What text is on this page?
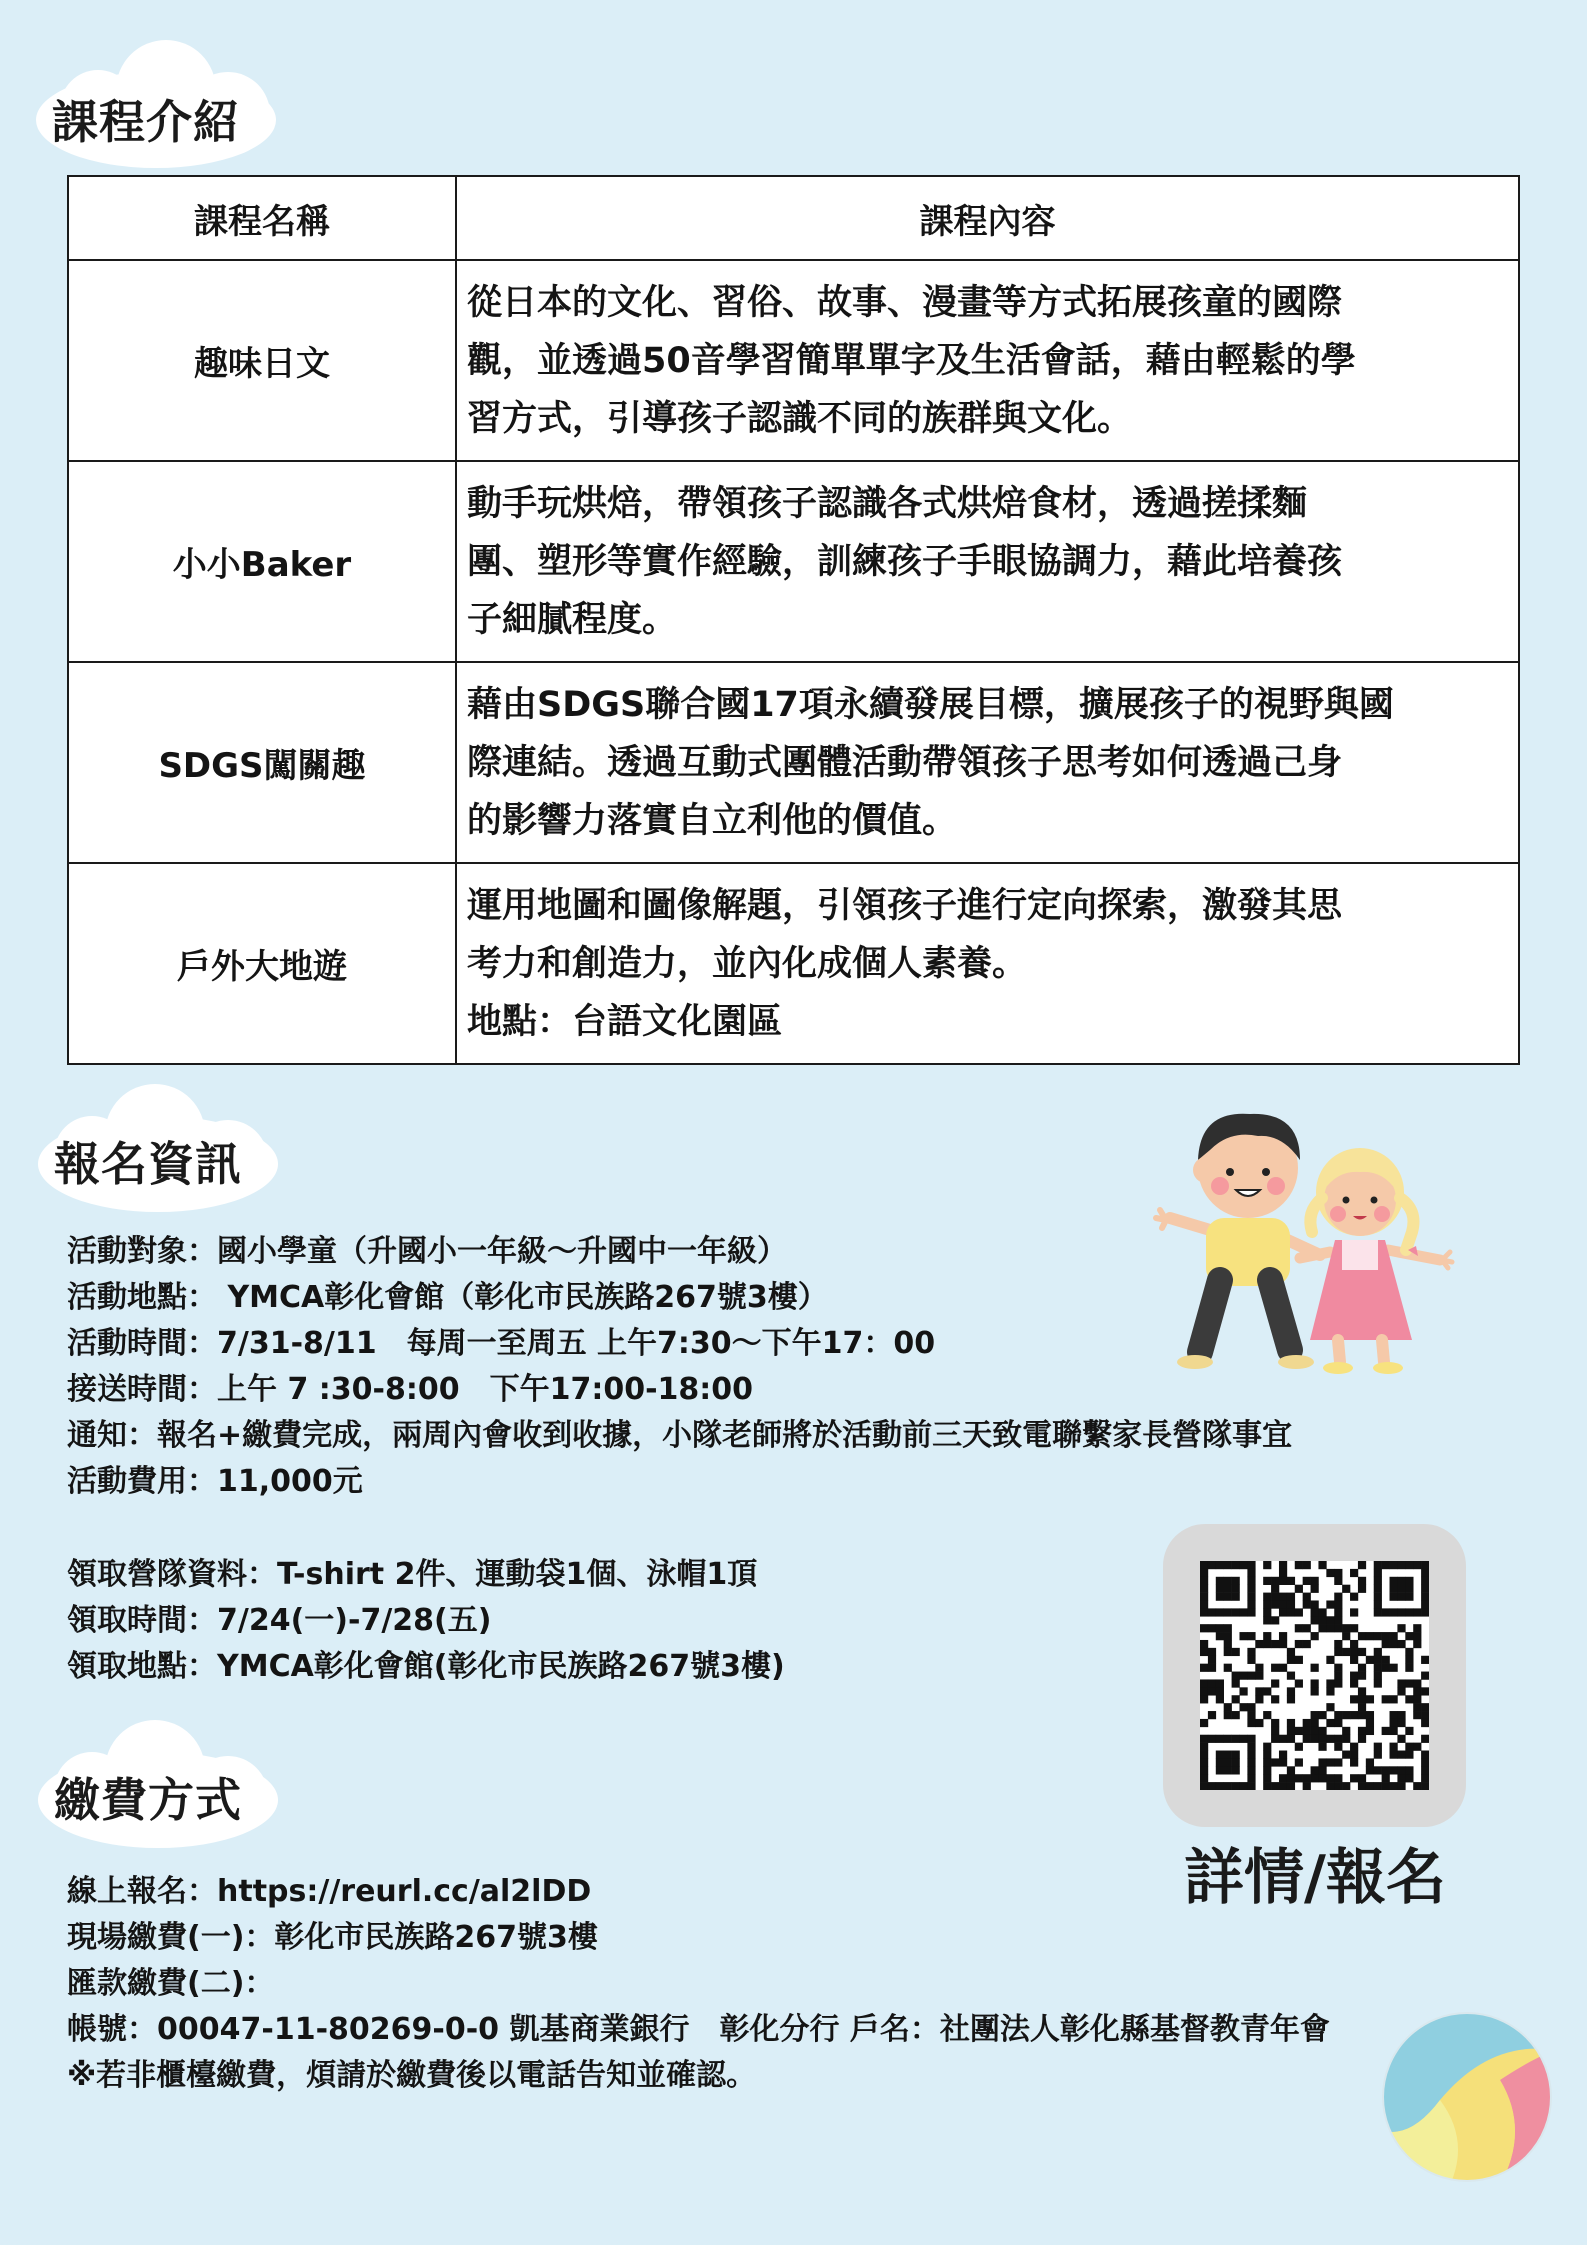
課程介紹
課程名稱	課程內容
趣味日文	從日本的文化、習俗、故事、漫畫等方式拓展孩童的國際
觀，並透過50音學習簡單單字及生活會話，藉由輕鬆的學
習方式，引導孩子認識不同的族群與文化。

小小Baker	動手玩烘焙，帶領孩子認識各式烘焙食材，透過搓揉麵
團、塑形等實作經驗，訓練孩子手眼協調力，藉此培養孩
子細膩程度。

SDGS闖關趣	藉由SDGS聯合國17項永續發展目標，擴展孩子的視野與國
際連結。透過互動式團體活動帶領孩子思考如何透過己身
的影響力落實自立利他的價值。

戶外大地遊	運用地圖和圖像解題，引領孩子進行定向探索，激發其思
考力和創造力，並內化成個人素養。
地點：台語文化園區
報名資訊
活動對象：國小學童（升國小一年級～升國中一年級）
活動地點： YMCA彰化會館（彰化市民族路267號3樓）
活動時間：7/31-8/11　每周一至周五 上午7:30～下午17：00
接送時間：上午 7 :30-8:00　下午17:00-18:00
通知：報名+繳費完成，兩周內會收到收據，小隊老師將於活動前三天致電聯繫家長營隊事宜
活動費用：11,000元
領取營隊資料：T-shirt 2件、運動袋1個、泳帽1頂
領取時間：7/24(一)-7/28(五)
領取地點：YMCA彰化會館(彰化市民族路267號3樓)
詳情/報名
繳費方式
線上報名：https://reurl.cc/al2lDD
現場繳費(一)：彰化市民族路267號3樓
匯款繳費(二)：
帳號：00047-11-80269-0-0 凱基商業銀行　彰化分行 戶名：社團法人彰化縣基督教青年會
※若非櫃檯繳費，煩請於繳費後以電話告知並確認。
